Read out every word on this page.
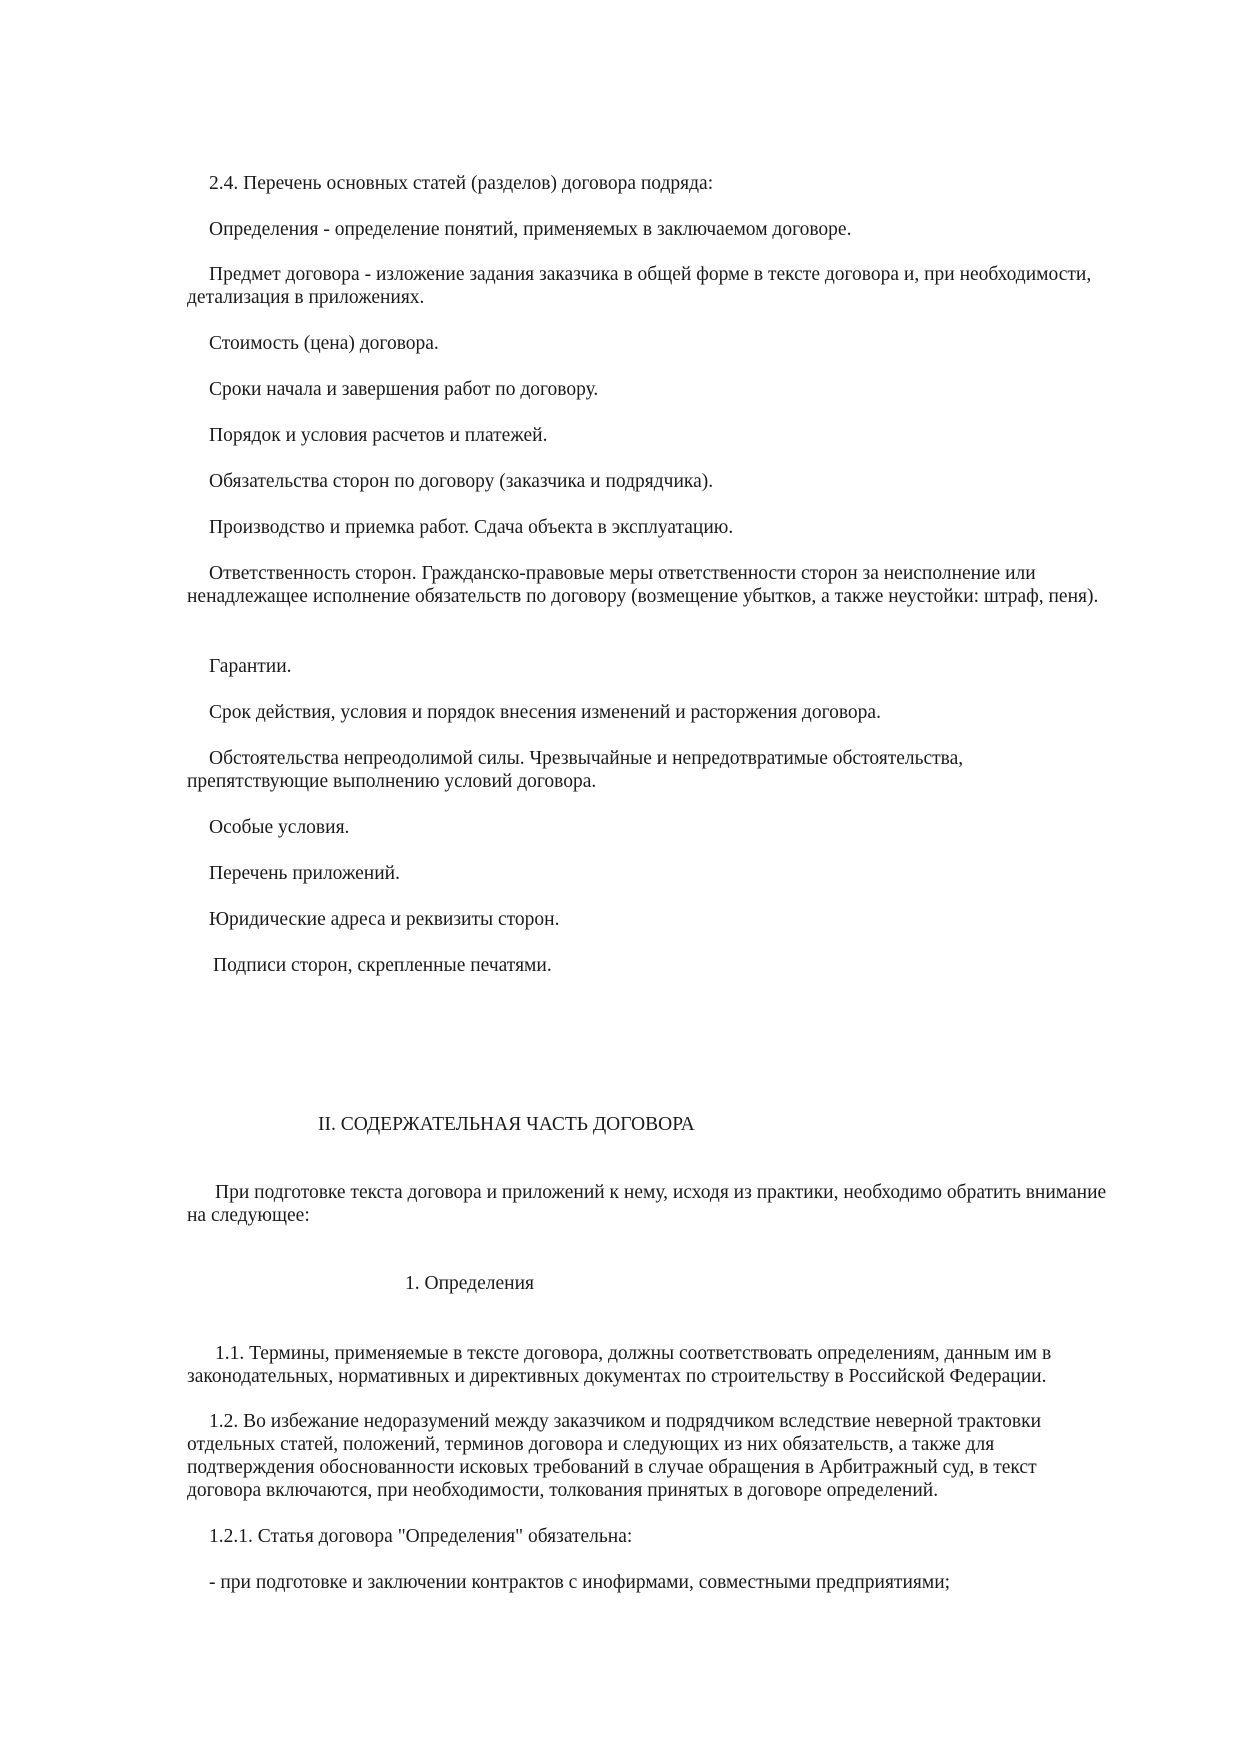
2.4. Перечень основных статей (разделов) договора подряда:

Определения - определение понятий, применяемых в заключаемом договоре.

Предмет договора - изложение задания заказчика в общей форме в тексте договора и, при необходимости, детализация в приложениях.

Стоимость (цена) договора.

Сроки начала и завершения работ по договору.

Порядок и условия расчетов и платежей.

Обязательства сторон по договору (заказчика и подрядчика).

Производство и приемка работ. Сдача объекта в эксплуатацию.

Ответственность сторон. Гражданско-правовые меры ответственности сторон за неисполнение или ненадлежащее исполнение обязательств по договору (возмещение убытков, а также неустойки: штраф, пеня).

Гарантии.

Срок действия, условия и порядок внесения изменений и расторжения договора.

Обстоятельства непреодолимой силы. Чрезвычайные и непредотвратимые обстоятельства, препятствующие выполнению условий договора.

Особые условия.

Перечень приложений.

Юридические адреса и реквизиты сторон.

Подписи сторон, скрепленные печатями.

II. СОДЕРЖАТЕЛЬНАЯ ЧАСТЬ ДОГОВОРА

При подготовке текста договора и приложений к нему, исходя из практики, необходимо обратить внимание на следующее:

1. Определения

1.1. Термины, применяемые в тексте договора, должны соответствовать определениям, данным им в законодательных, нормативных и директивных документах по строительству в Российской Федерации.

1.2. Во избежание недоразумений между заказчиком и подрядчиком вследствие неверной трактовки отдельных статей, положений, терминов договора и следующих из них обязательств, а также для подтверждения обоснованности исковых требований в случае обращения в Арбитражный суд, в текст договора включаются, при необходимости, толкования принятых в договоре определений.

1.2.1. Статья договора "Определения" обязательна:

- при подготовке и заключении контрактов с инофирмами, совместными предприятиями;
